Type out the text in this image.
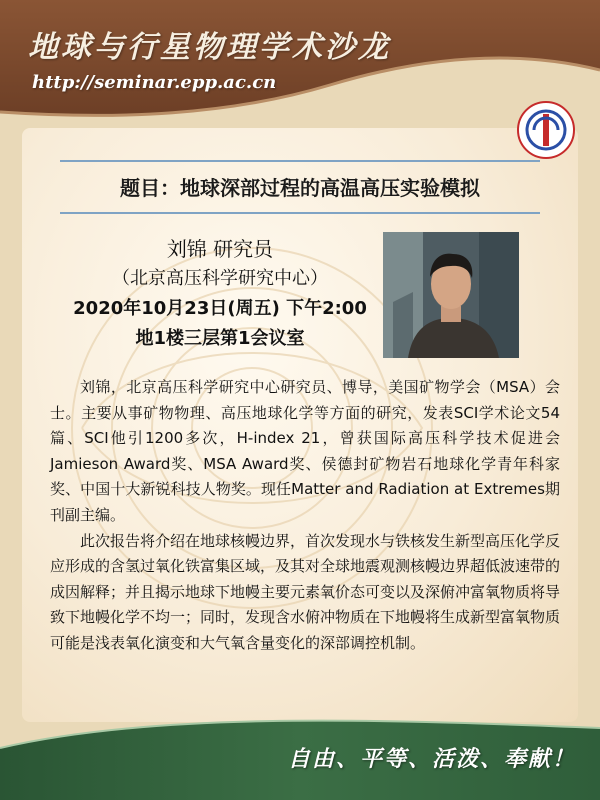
地球与行星物理学术沙龙
http://seminar.epp.ac.cn
题目：地球深部过程的高温高压实验模拟
刘锦 研究员
（北京高压科学研究中心）
2020年10月23日(周五) 下午2:00
地1楼三层第1会议室

刘锦，北京高压科学研究中心研究员、博导，美国矿物学会（MSA）会士。主要从事矿物物理、高压地球化学等方面的研究，发表SCI学术论文54篇、SCI他引1200多次，H-index 21，曾获国际高压科学技术促进会Jamieson Award奖、MSA Award奖、侯德封矿物岩石地球化学青年科家奖、中国十大新锐科技人物奖。现任Matter and Radiation at Extremes期刊副主编。

此次报告将介绍在地球核幔边界，首次发现水与铁核发生新型高压化学反应形成的含氢过氧化铁富集区域，及其对全球地震观测核幔边界超低波速带的成因解释；并且揭示地球下地幔主要元素氧价态可变以及深俯冲富氧物质将导致下地幔化学不均一；同时，发现含水俯冲物质在下地幔将生成新型富氧物质可能是浅表氧化演变和大气氧含量变化的深部调控机制。

自由、平等、活泼、奉献！
